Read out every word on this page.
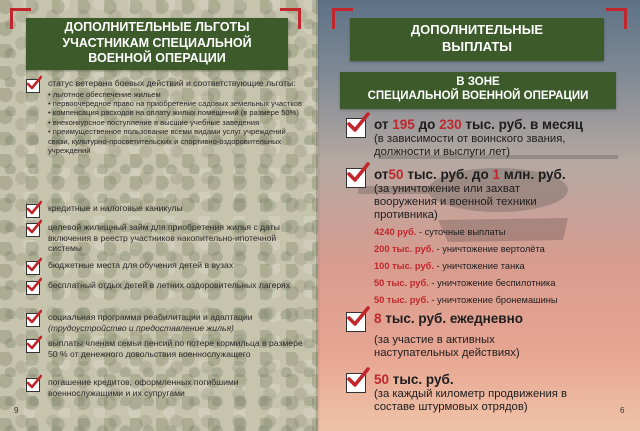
ДОПОЛНИТЕЛЬНЫЕ ЛЬГОТЫ
УЧАСТНИКАМ СПЕЦИАЛЬНОЙ
ВОЕННОЙ ОПЕРАЦИИ
статус ветерана боевых действий и соответствующие льготы:
• льготное обеспечение жильем
• первоочередное право на приобретение садовых земельных участков
• компенсация расходов на оплату жилых помещений (в размере 50%)
• внеконкурсное поступление в высшие учебные заведения
• преимущественное пользование всеми видами услуг учреждений связи, культурно-просветительских и спортивно-оздоровительных учреждений
кредитные и налоговые каникулы
целевой жилищный займ для приобретения жилья с даты включения в реестр участников накопительно-ипотечной системы
бюджетные места для обучения детей в вузах
бесплатный отдых детей в летних оздоровительных лагерях
социальная программа реабилитации и адаптации
(трудоустройство и предоставление жилья)
выплаты членам семьи пенсий по потере кормильца в размере 50 % от денежного довольствия военнослужащего
погашение кредитов, оформленных погибшими военнослужащими и их супругами
9
ДОПОЛНИТЕЛЬНЫЕ
ВЫПЛАТЫ
В ЗОНЕ
СПЕЦИАЛЬНОЙ ВОЕННОЙ ОПЕРАЦИИ
от 195 до 230 тыс. руб. в месяц
(в зависимости от воинского звания,
должности и выслуги лет)
от50 тыс. руб. до 1 млн. руб.
(за уничтожение или захват
вооружения и военной техники
противника)
4240 руб. - суточные выплаты
200 тыс. руб. - уничтожение вертолёта
100 тыс. руб. - уничтожение танка
50 тыс. руб. - уничтожение беспилотника
50 тыс. руб. - уничтожение бронемашины
8 тыс. руб. ежедневно
(за участие в активных
наступательных действиях)
50 тыс. руб.
(за каждый километр продвижения в
составе штурмовых отрядов)	6
